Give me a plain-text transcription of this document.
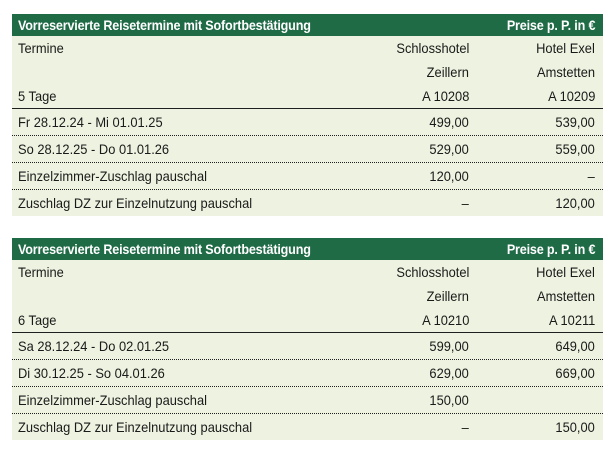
Vorreservierte Reisetermine mit Sofortbestätigung	Preise p. P. in €
Termine	Schlosshotel	Hotel Exel
Zeillern	Amstetten
5 Tage	A 10208	A 10209
Fr 28.12.24 - Mi 01.01.25	499,00	539,00
So 28.12.25 - Do 01.01.26	529,00	559,00
Einzelzimmer-Zuschlag pauschal	120,00	–
Zuschlag DZ zur Einzelnutzung pauschal	–	120,00
Vorreservierte Reisetermine mit Sofortbestätigung	Preise p. P. in €
Termine	Schlosshotel	Hotel Exel
Zeillern	Amstetten
6 Tage	A 10210	A 10211
Sa 28.12.24 - Do 02.01.25	599,00	649,00
Di 30.12.25 - So 04.01.26	629,00	669,00
Einzelzimmer-Zuschlag pauschal	150,00
Zuschlag DZ zur Einzelnutzung pauschal	–	150,00
